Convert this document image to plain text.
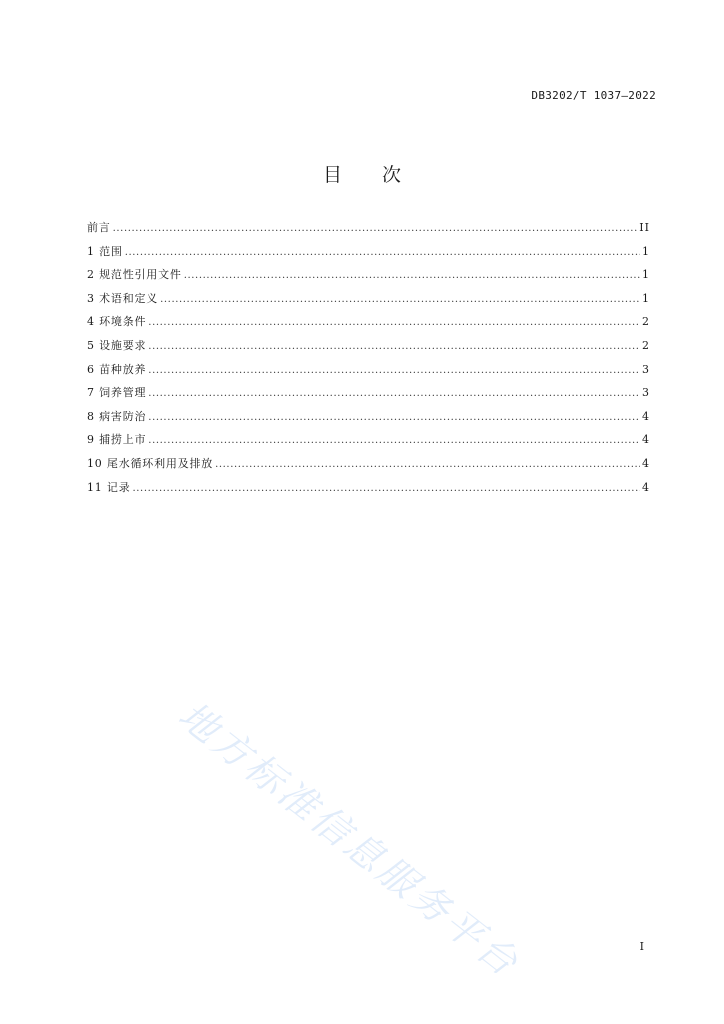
DB3202/T 1037—2022
目 次
前言 .....	II
1 范围 .....	1
2 规范性引用文件 .....	1
3 术语和定义 .....	1
4 环境条件 .....	2
5 设施要求 .....	2
6 苗种放养 .....	3
7 饲养管理 .....	3
8 病害防治 .....	4
9 捕捞上市 .....	4
10 尾水循环利用及排放 .....	4
11 记录 .....	4
地方标准信息服务平台	I
